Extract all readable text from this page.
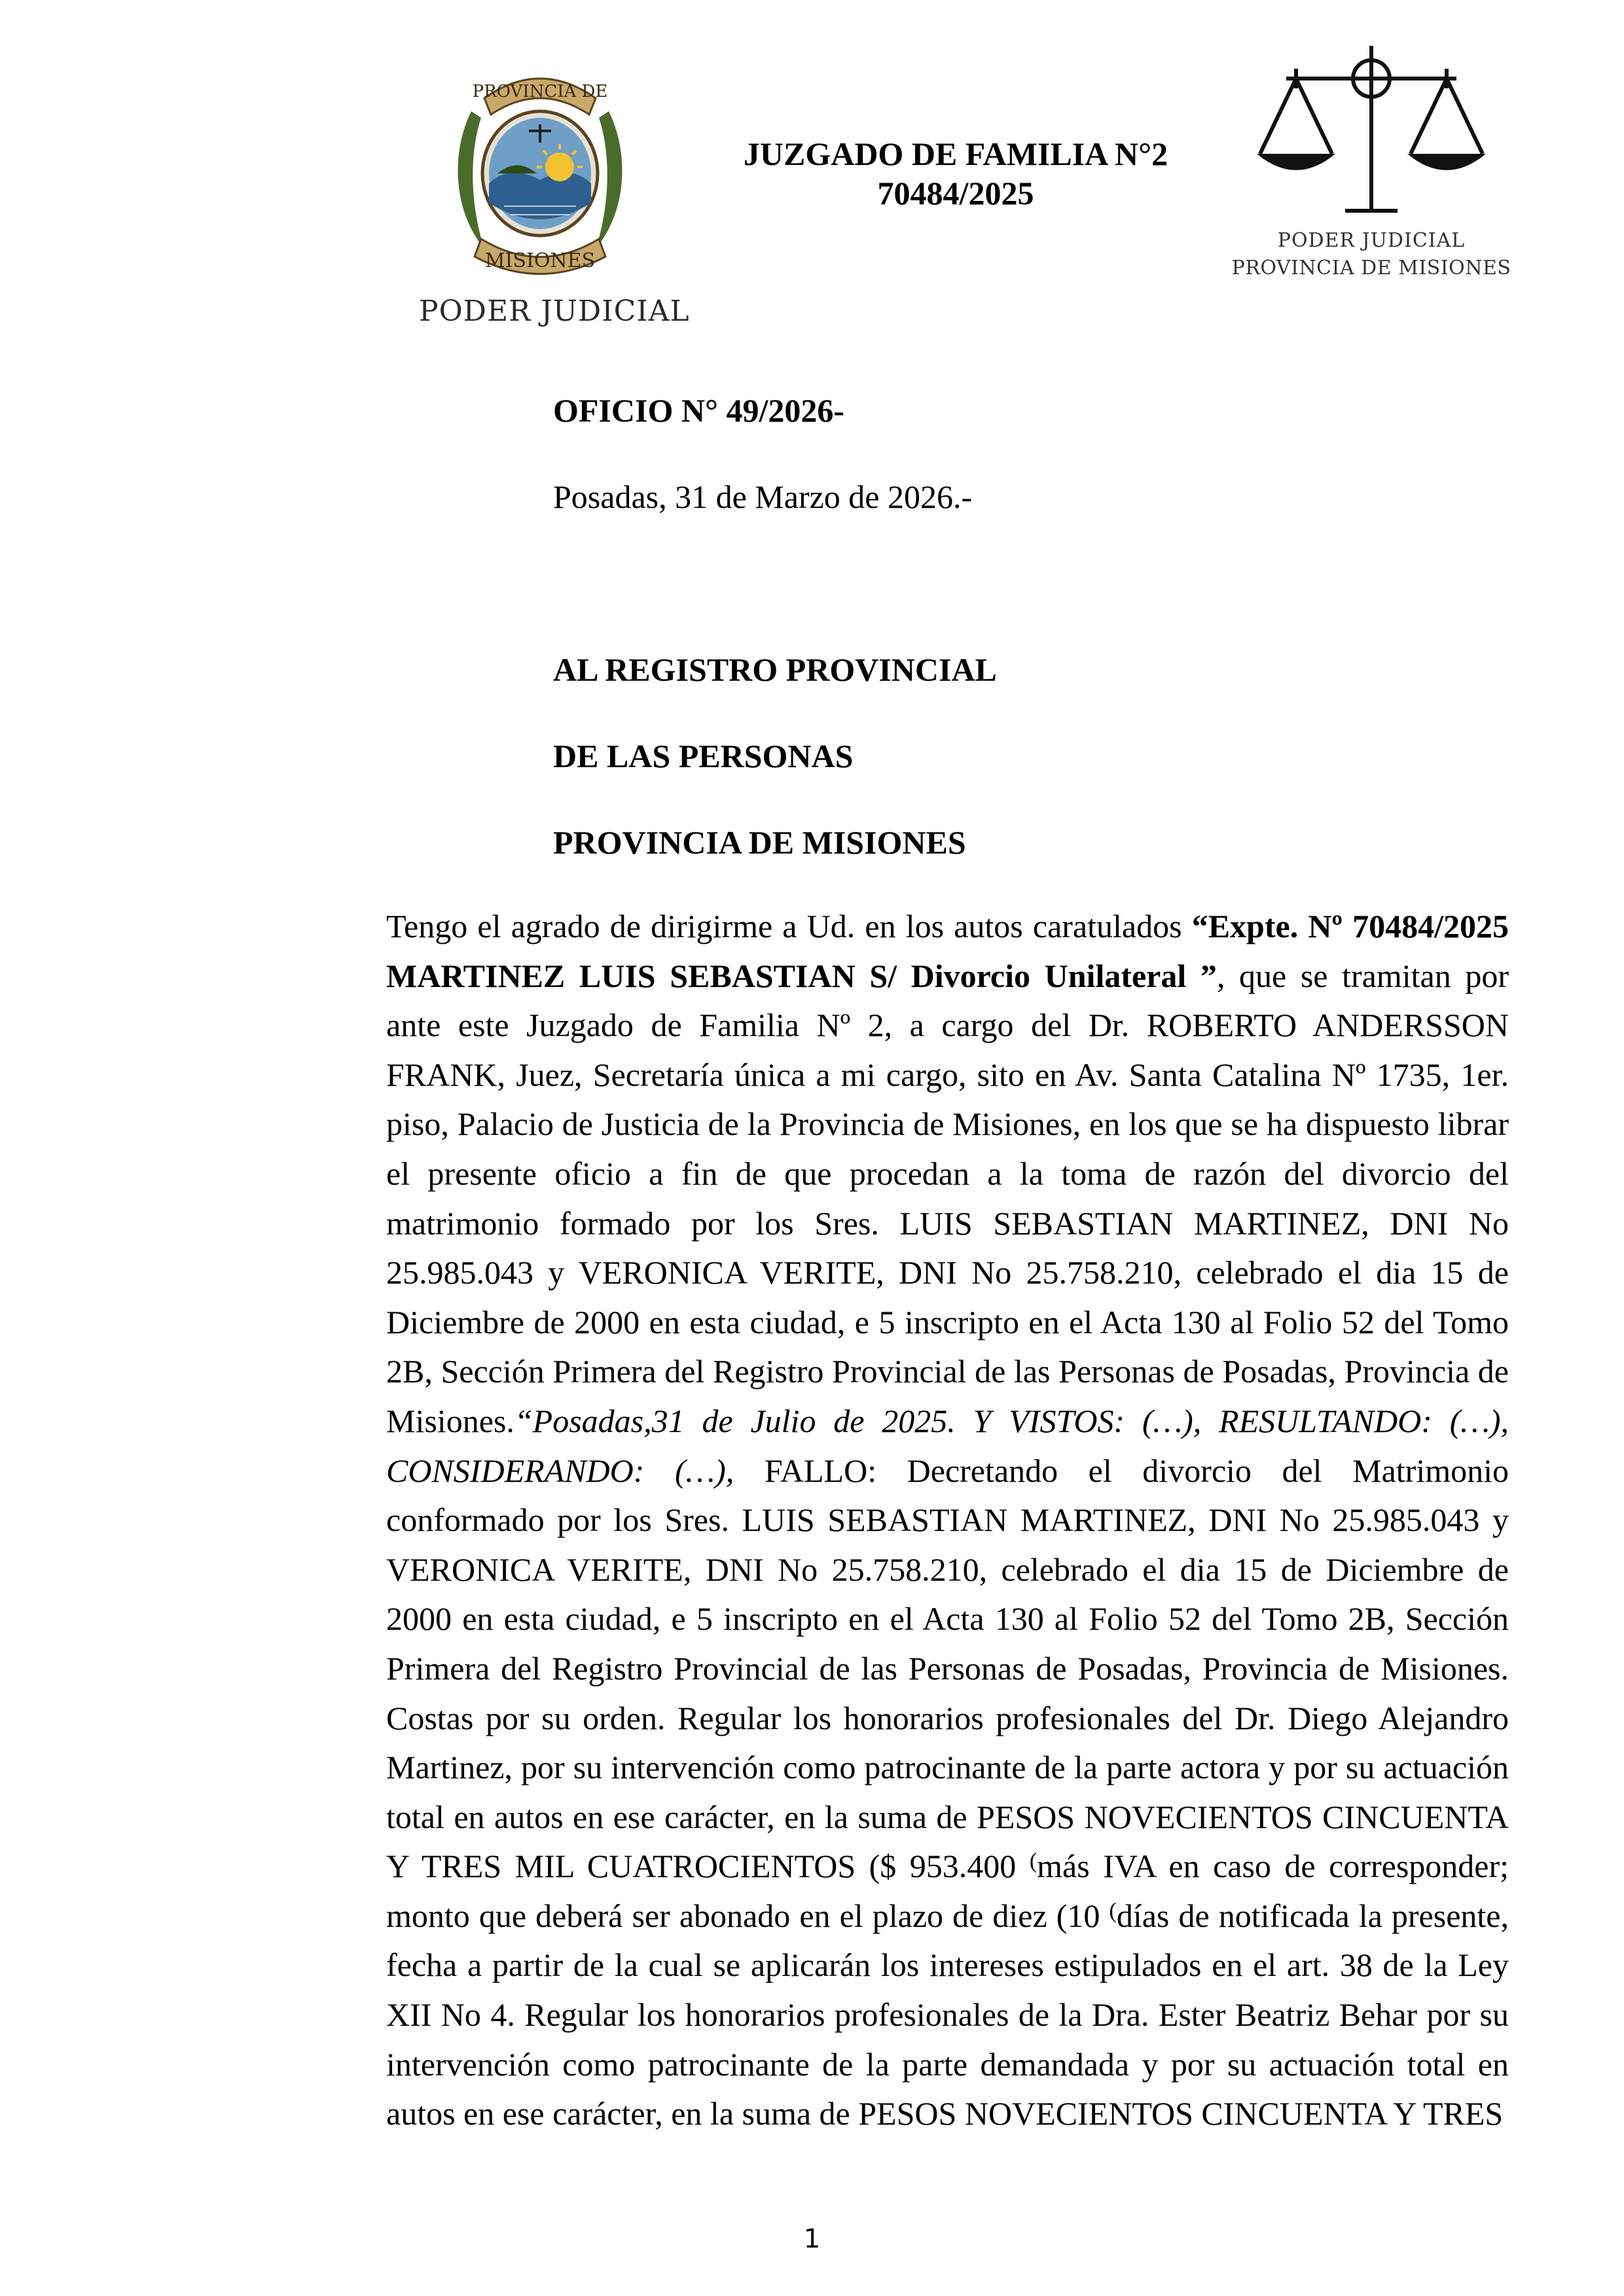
PROVINCIA DE
MISIONES
PODER JUDICIAL
JUZGADO DE FAMILIA N°2
70484/2025
PODER JUDICIAL
PROVINCIA DE MISIONES
OFICIO N° 49/2026-
Posadas, 31 de Marzo de 2026.-
AL REGISTRO PROVINCIAL
DE LAS PERSONAS
PROVINCIA DE MISIONES

Tengo el agrado de dirigirme a Ud. en los autos caratulados “Expte. Nº 70484/2025 MARTINEZ LUIS SEBASTIAN S/ Divorcio Unilateral ”, que se tramitan por ante este Juzgado de Familia Nº 2, a cargo del Dr. ROBERTO ANDERSSON FRANK, Juez, Secretaría única a mi cargo, sito en Av. Santa Catalina Nº 1735, 1er. piso, Palacio de Justicia de la Provincia de Misiones, en los que se ha dispuesto librar el presente oficio a fin de que procedan a la toma de razón del divorcio del matrimonio formado por los Sres. LUIS SEBASTIAN MARTINEZ, DNI No 25.985.043 y VERONICA VERITE, DNI No 25.758.210, celebrado el dia 15 de Diciembre de 2000 en esta ciudad, e 5 inscripto en el Acta 130 al Folio 52 del Tomo 2B, Sección Primera del Registro Provincial de las Personas de Posadas, Provincia de Misiones.“Posadas,31 de Julio de 2025. Y VISTOS: (…), RESULTANDO: (…), CONSIDERANDO: (…), FALLO: Decretando el divorcio del Matrimonio conformado por los Sres. LUIS SEBASTIAN MARTINEZ, DNI No 25.985.043 y VERONICA VERITE, DNI No 25.758.210, celebrado el dia 15 de Diciembre de 2000 en esta ciudad, e 5 inscripto en el Acta 130 al Folio 52 del Tomo 2B, Sección Primera del Registro Provincial de las Personas de Posadas, Provincia de Misiones. Costas por su orden. Regular los honorarios profesionales del Dr. Diego Alejandro Martinez, por su intervención como patrocinante de la parte actora y por su actuación total en autos en ese carácter, en la suma de PESOS NOVECIENTOS CINCUENTA Y TRES MIL CUATROCIENTOS ($ 953.400 (más IVA en caso de corresponder; monto que deberá ser abonado en el plazo de diez (10 (días de notificada la presente, fecha a partir de la cual se aplicarán los intereses estipulados en el art. 38 de la Ley XII No 4. Regular los honorarios profesionales de la Dra. Ester Beatriz Behar por su intervención como patrocinante de la parte demandada y por su actuación total en autos en ese carácter, en la suma de PESOS NOVECIENTOS CINCUENTA Y TRES

1
